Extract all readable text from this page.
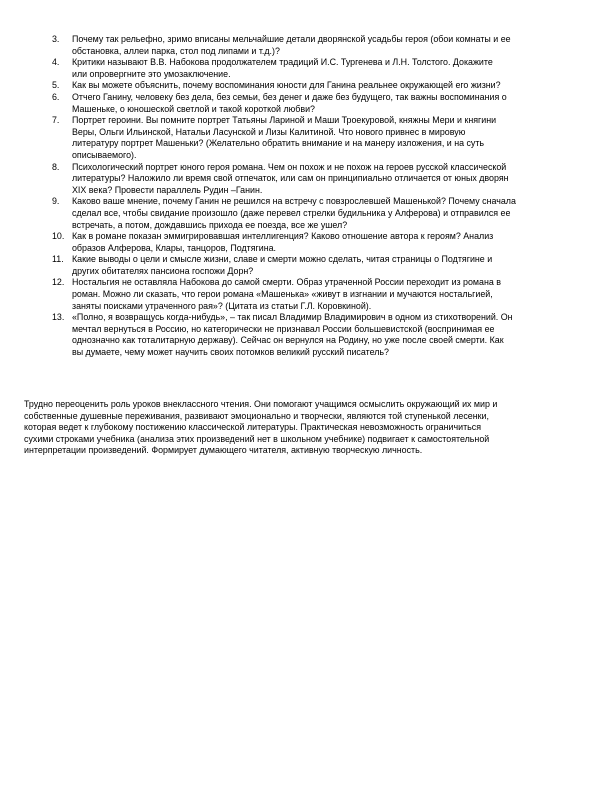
3.	Почему так рельефно, зримо вписаны мельчайшие детали дворянской усадьбы героя (обои комнаты и ее
обстановка, аллеи парка, стол под липами и т.д.)?
4.	Критики называют В.В. Набокова продолжателем традиций И.С. Тургенева и Л.Н. Толстого. Докажите
или опровергните это умозаключение.
5.	Как вы можете объяснить, почему воспоминания юности для Ганина реальнее окружающей его жизни?
6.	Отчего Ганину, человеку без дела, без семьи, без денег и даже без будущего, так важны воспоминания о
Машеньке, о юношеской светлой и такой короткой любви?
7.	Портрет героини. Вы помните портрет Татьяны Лариной и Маши Троекуровой, княжны Мери и княгини
Веры, Ольги Ильинской, Натальи Ласунской и Лизы Калитиной. Что нового привнес в мировую
литературу портрет Машеньки? (Желательно обратить внимание и на манеру изложения, и на суть
описываемого).
8.	Психологический портрет юного героя романа. Чем он похож и не похож на героев русской классической
литературы? Наложило ли время свой отпечаток, или сам он принципиально отличается от юных дворян
XIX века? Провести параллель Рудин –Ганин.
9.	Каково ваше мнение, почему Ганин не решился на встречу с повзрослевшей Машенькой? Почему сначала
сделал все, чтобы свидание произошло (даже перевел стрелки будильника у Алферова) и отправился ее
встречать, а потом, дождавшись прихода ее поезда, все же ушел?
10. Как в романе показан эммигрировавшая интеллигенция? Каково отношение автора к героям? Анализ
образов Алферова, Клары, танцоров, Подтягина.
11. Какие выводы о цели и смысле жизни, славе и смерти можно сделать, читая страницы о Подтягине и
других обитателях пансиона госпожи Дорн?
12. Ностальгия не оставляла Набокова до самой смерти. Образ утраченной России переходит из романа в
роман. Можно ли сказать, что герои романа «Машенька» «живут в изгнании и мучаются ностальгией,
заняты поисками утраченного рая»? (Цитата из статьи Г.Л. Коровкиной).
13. «Полно, я возвращусь когда-нибудь», – так писал Владимир Владимирович в одном из стихотворений. Он
мечтал вернуться в Россию, но категорически не признавал России большевистской (воспринимая ее
однозначно как тоталитарную державу). Сейчас он вернулся на Родину, но уже после своей смерти. Как
вы думаете, чему может научить своих потомков великий русский писатель?

Трудно переоценить роль уроков внеклассного чтения. Они помогают учащимся осмыслить окружающий их мир и
собственные душевные переживания, развивают эмоционально и творчески, являются той ступенькой лесенки,
которая ведет к глубокому постижению классической литературы. Практическая невозможность ограничиться
сухими строками учебника (анализа этих произведений нет в школьном учебнике) подвигает к самостоятельной
интерпретации произведений. Формирует думающего читателя, активную творческую личность.
